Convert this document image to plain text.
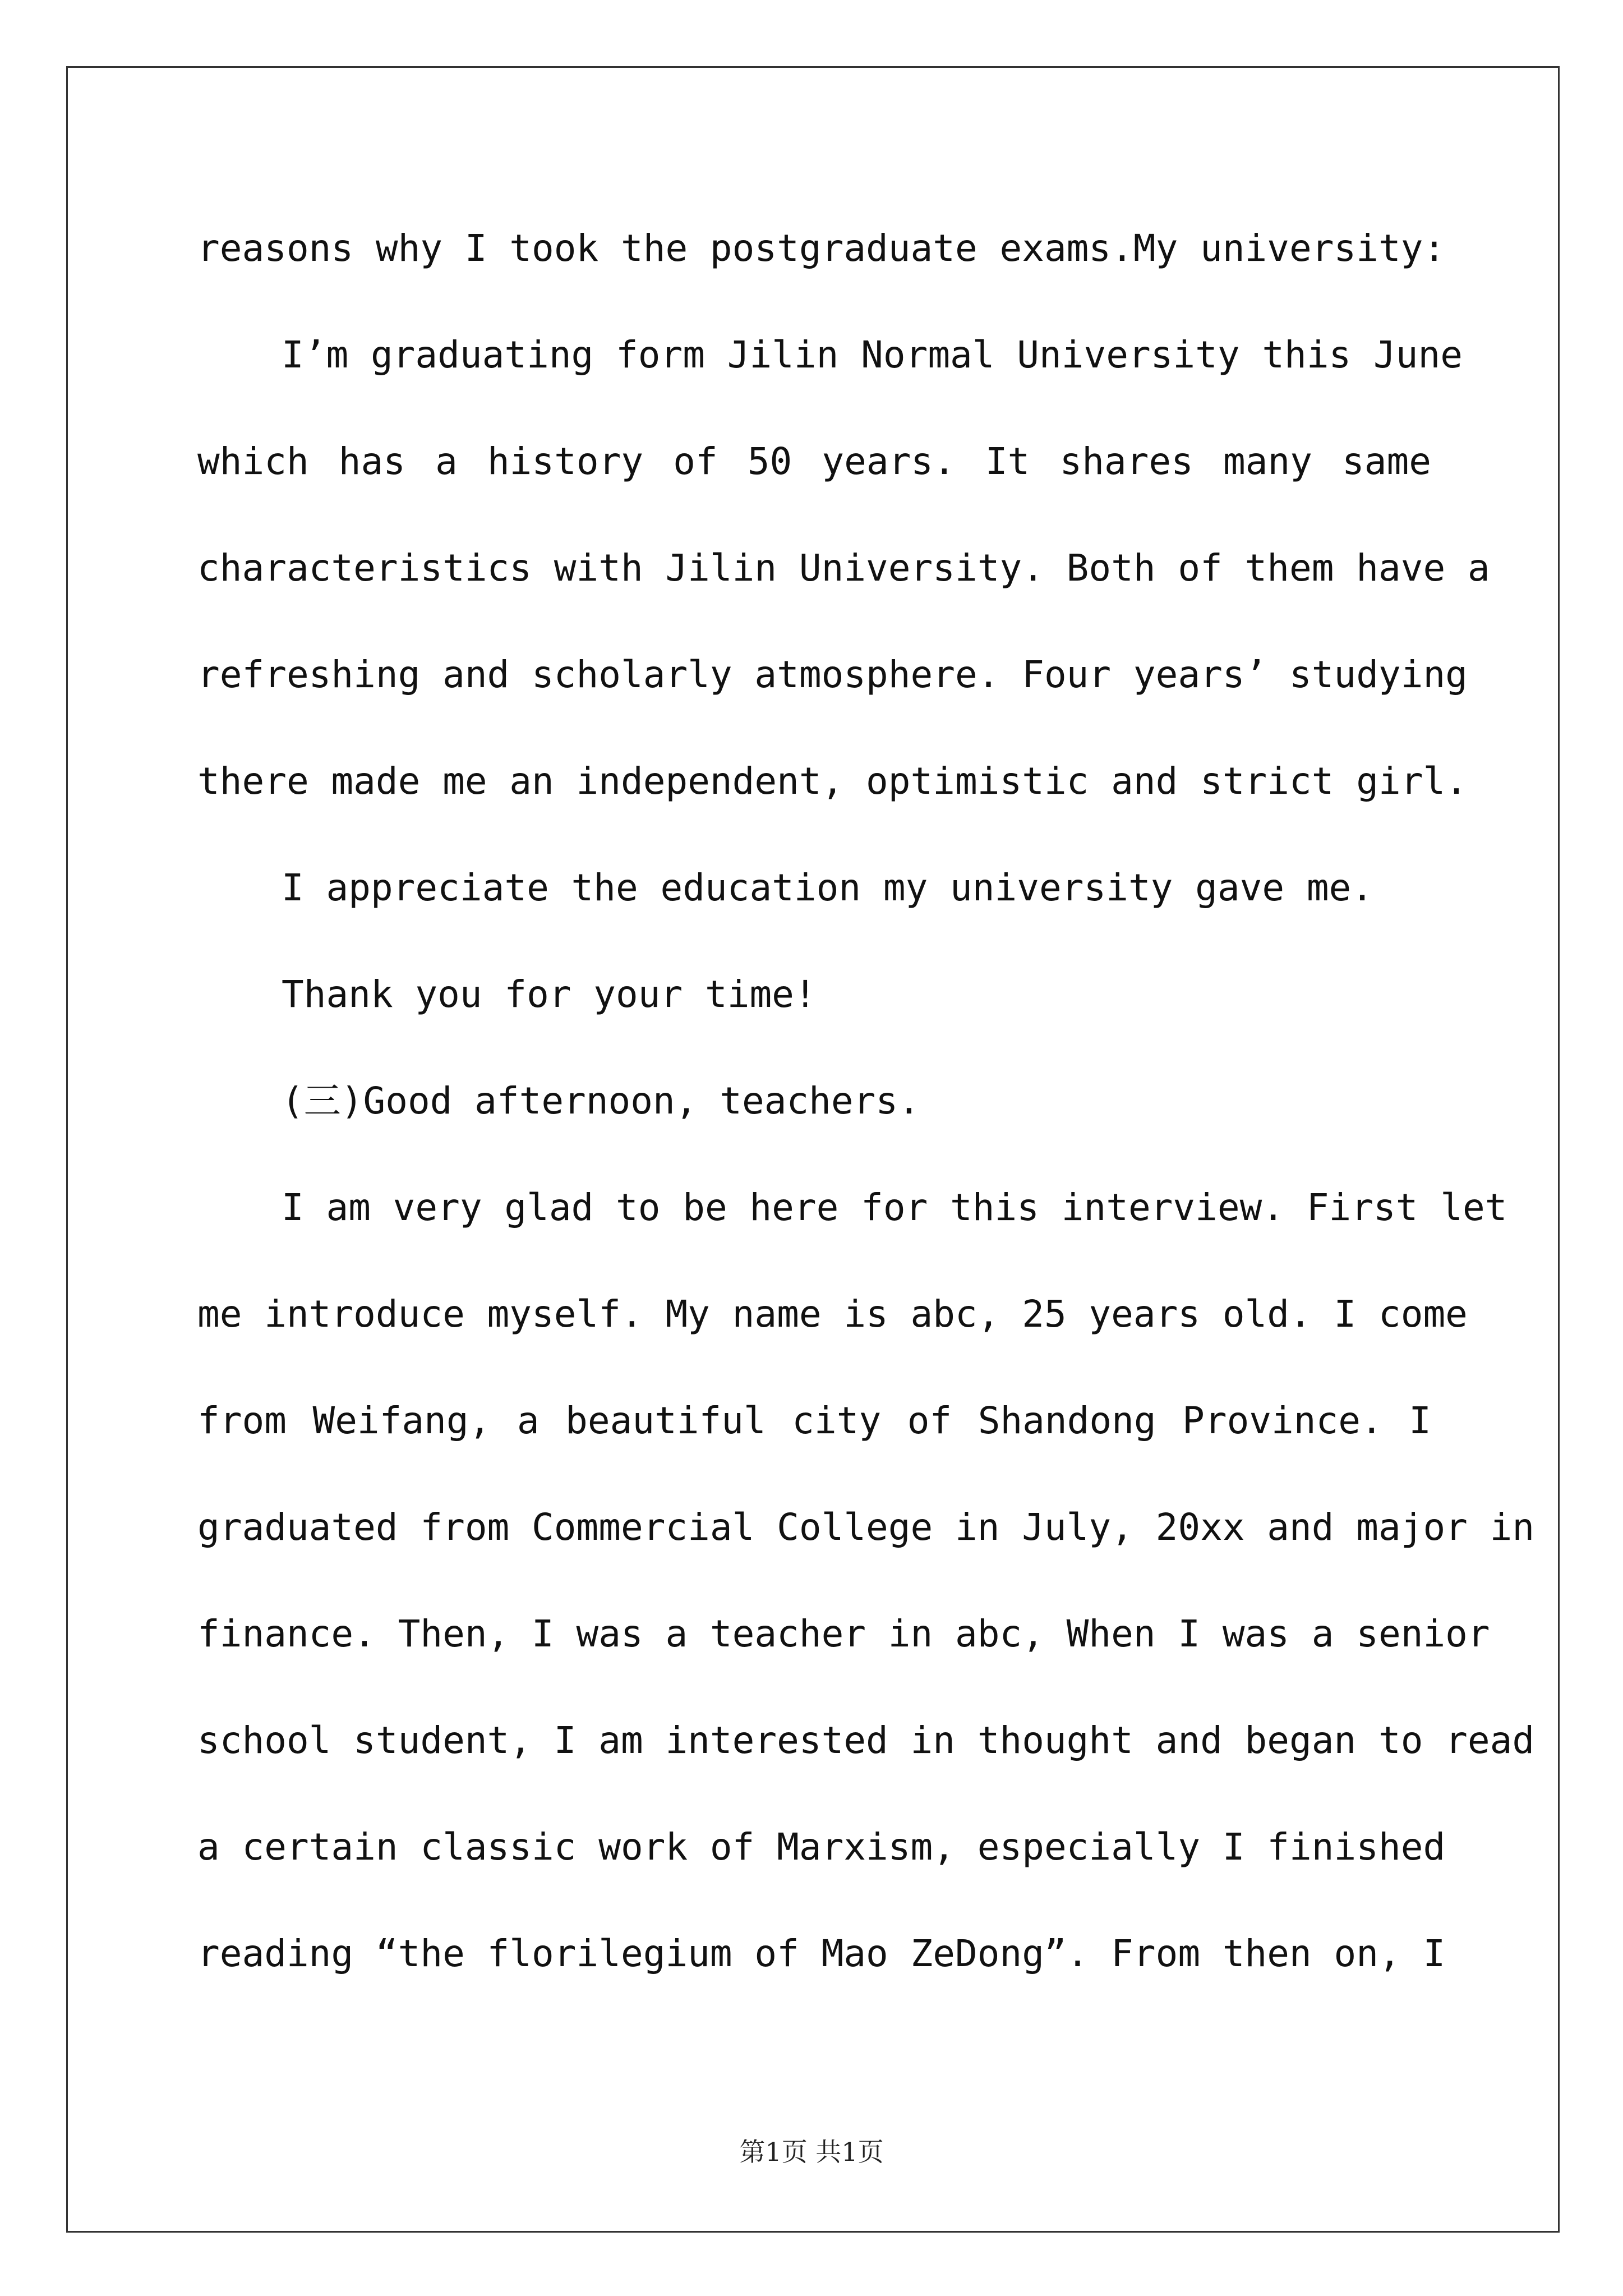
reasons why I took the postgraduate exams.My university:
I’m graduating form Jilin Normal University this June
which has a history of 50 years. It shares many same
characteristics with Jilin University. Both of them have a
refreshing and scholarly atmosphere. Four years’ studying
there made me an independent, optimistic and strict girl.
I appreciate the education my university gave me.
Thank you for your time!
(三)Good afternoon, teachers.
I am very glad to be here for this interview. First let
me introduce myself. My name is abc, 25 years old. I come
from Weifang, a beautiful city of Shandong Province. I
graduated from Commercial College in July, 20xx and major in
finance. Then, I was a teacher in abc, When I was a senior
school student, I am interested in thought and began to read
a certain classic work of Marxism, especially I finished
reading “the florilegium of Mao ZeDong”. From then on, I
第1页 共1页
